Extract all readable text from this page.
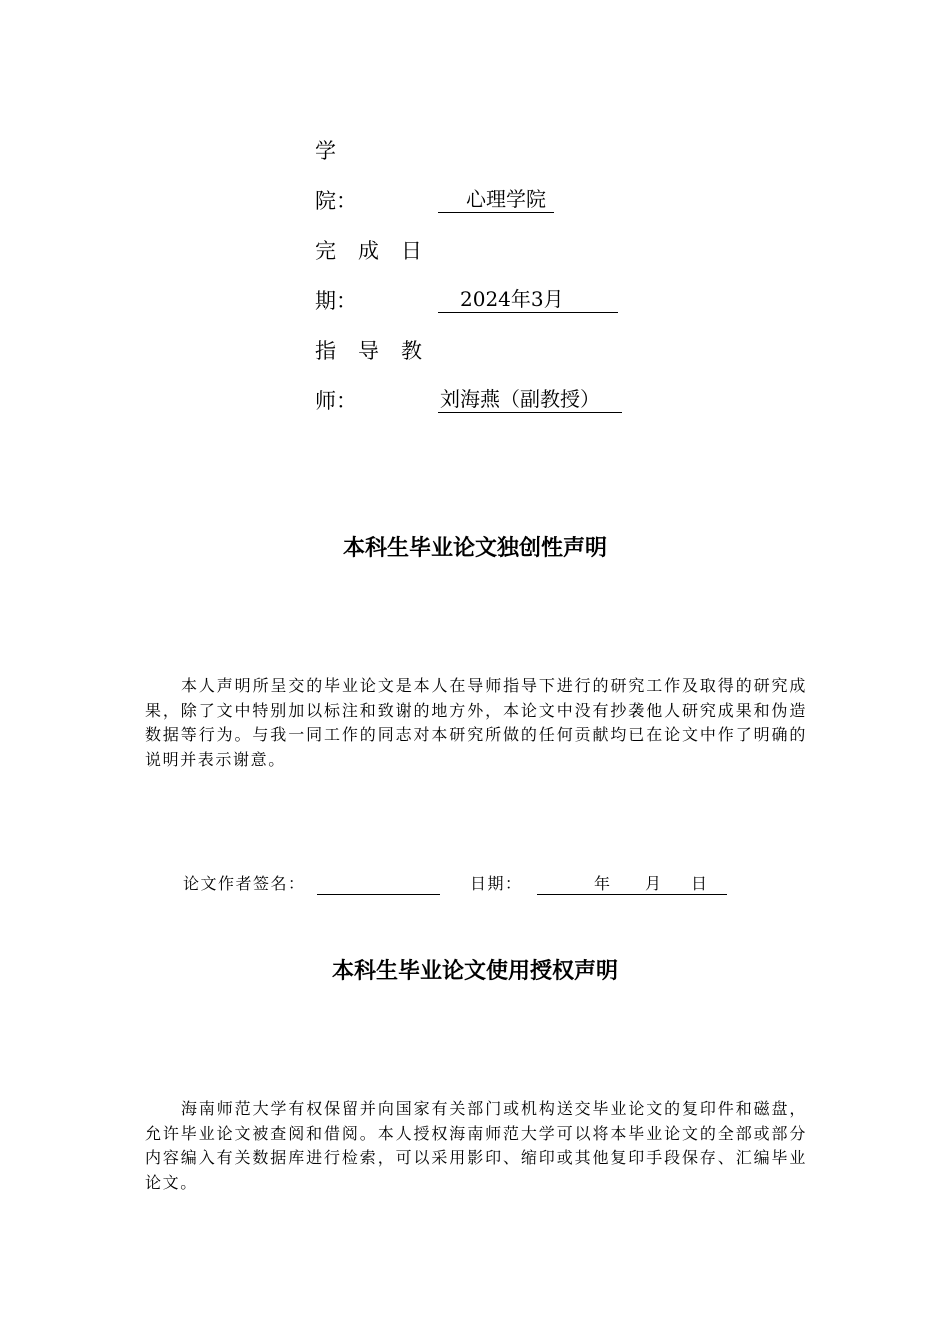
学
院：	心理学院
完成日
期：	2024年3月
指导教
师：	刘海燕（副教授）
本科生毕业论文独创性声明

本人声明所呈交的毕业论文是本人在导师指导下进行的研究工作及取得的研究成果，除了文中特别加以标注和致谢的地方外，本论文中没有抄袭他人研究成果和伪造数据等行为。与我一同工作的同志对本研究所做的任何贡献均已在论文中作了明确的说明并表示谢意。

论文作者签名：	日期：	年 月 日
本科生毕业论文使用授权声明

海南师范大学有权保留并向国家有关部门或机构送交毕业论文的复印件和磁盘，允许毕业论文被查阅和借阅。本人授权海南师范大学可以将本毕业论文的全部或部分内容编入有关数据库进行检索，可以采用影印、缩印或其他复印手段保存、汇编毕业论文。
